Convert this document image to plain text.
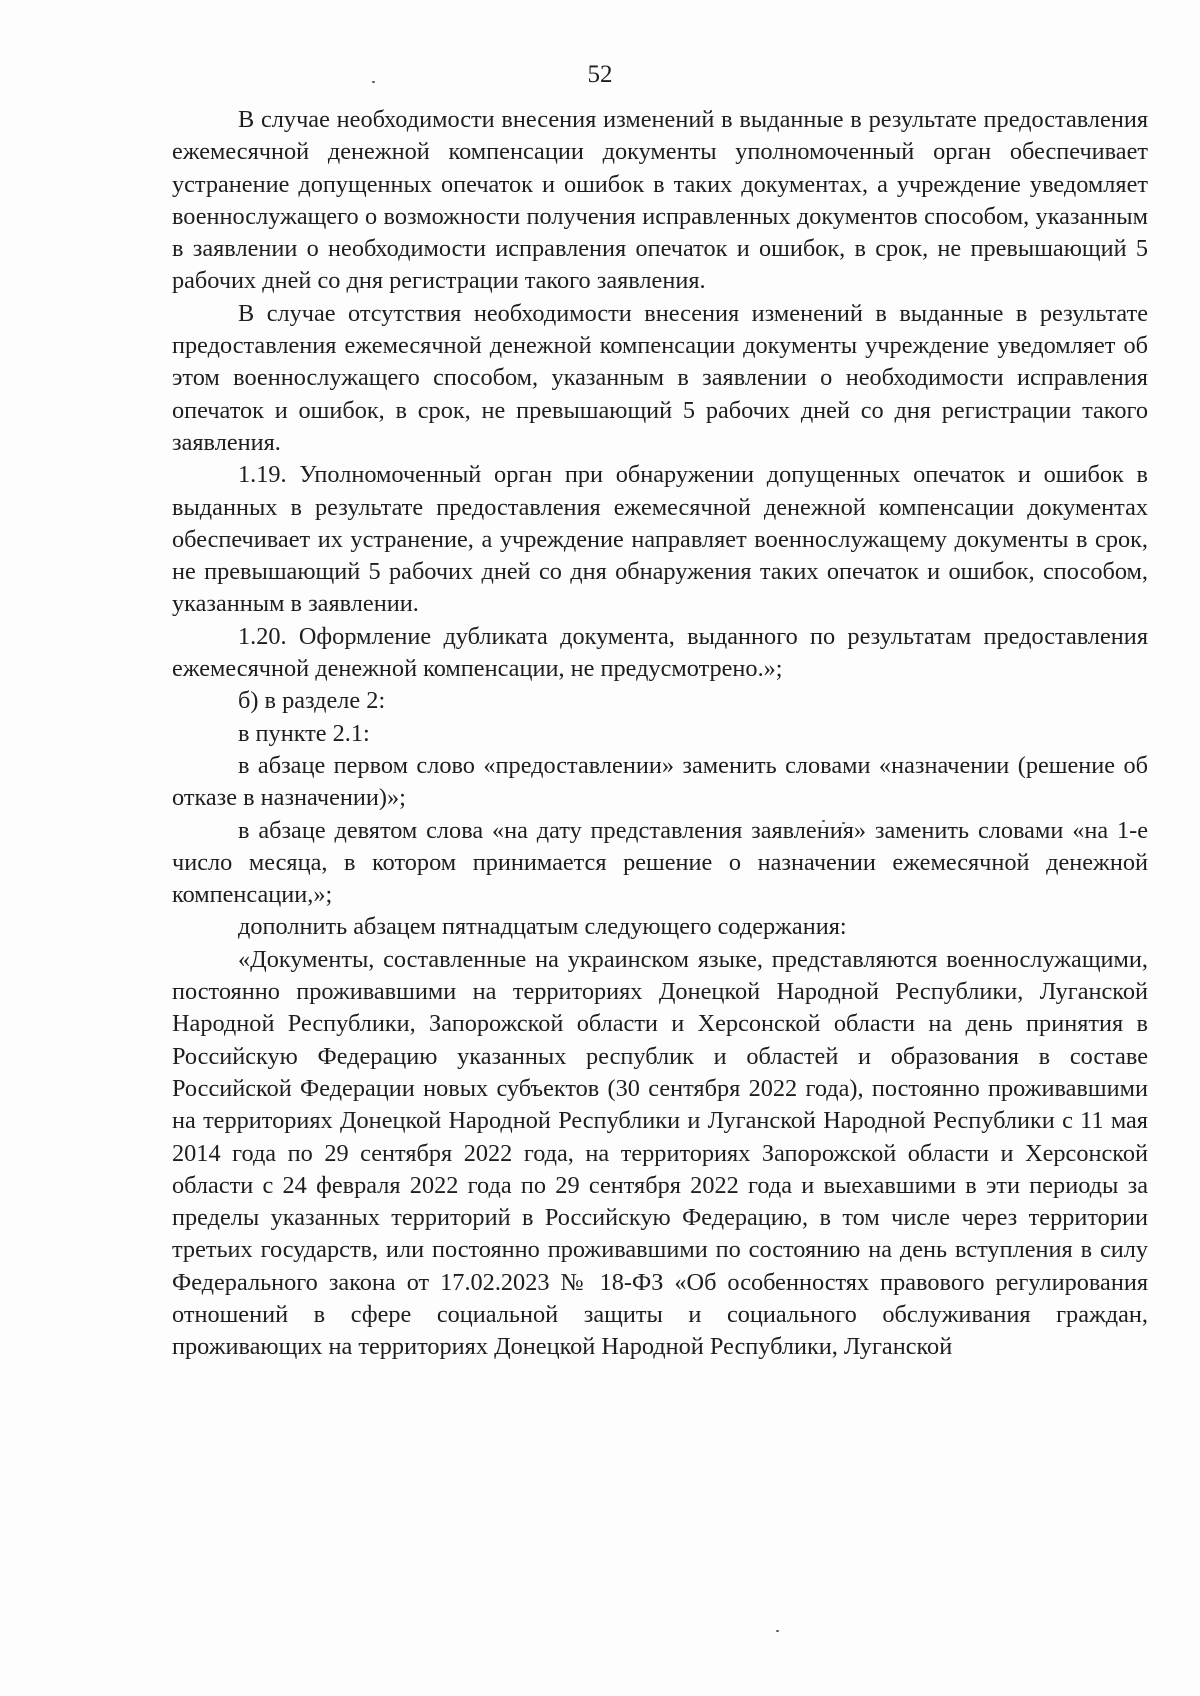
52

В случае необходимости внесения изменений в выданные в результате предоставления ежемесячной денежной компенсации документы уполномоченный орган обеспечивает устранение допущенных опечаток и ошибок в таких документах, а учреждение уведомляет военнослужащего о возможности получения исправленных документов способом, указанным в заявлении о необходимости исправления опечаток и ошибок, в срок, не превышающий 5 рабочих дней со дня регистрации такого заявления.

В случае отсутствия необходимости внесения изменений в выданные в результате предоставления ежемесячной денежной компенсации документы учреждение уведомляет об этом военнослужащего способом, указанным в заявлении о необходимости исправления опечаток и ошибок, в срок, не превышающий 5 рабочих дней со дня регистрации такого заявления.

1.19. Уполномоченный орган при обнаружении допущенных опечаток и ошибок в выданных в результате предоставления ежемесячной денежной компенсации документах обеспечивает их устранение, а учреждение направляет военнослужащему документы в срок, не превышающий 5 рабочих дней со дня обнаружения таких опечаток и ошибок, способом, указанным в заявлении.

1.20. Оформление дубликата документа, выданного по результатам предоставления ежемесячной денежной компенсации, не предусмотрено.»;

б) в разделе 2:

в пункте 2.1:

в абзаце первом слово «предоставлении» заменить словами «назначении (решение об отказе в назначении)»;

в абзаце девятом слова «на дату представления заявления» заменить словами «на 1-е число месяца, в котором принимается решение о назначении ежемесячной денежной компенсации,»;

дополнить абзацем пятнадцатым следующего содержания:

«Документы, составленные на украинском языке, представляются военнослужащими, постоянно проживавшими на территориях Донецкой Народной Республики, Луганской Народной Республики, Запорожской области и Херсонской области на день принятия в Российскую Федерацию указанных республик и областей и образования в составе Российской Федерации новых субъектов (30 сентября 2022 года), постоянно проживавшими на территориях Донецкой Народной Республики и Луганской Народной Республики с 11 мая 2014 года по 29 сентября 2022 года, на территориях Запорожской области и Херсонской области с 24 февраля 2022 года по 29 сентября 2022 года и выехавшими в эти периоды за пределы указанных территорий в Российскую Федерацию, в том числе через территории третьих государств, или постоянно проживавшими по состоянию на день вступления в силу Федерального закона от 17.02.2023 № 18-ФЗ «Об особенностях правового регулирования отношений в сфере социальной защиты и социального обслуживания граждан, проживающих на территориях Донецкой Народной Республики, Луганской
